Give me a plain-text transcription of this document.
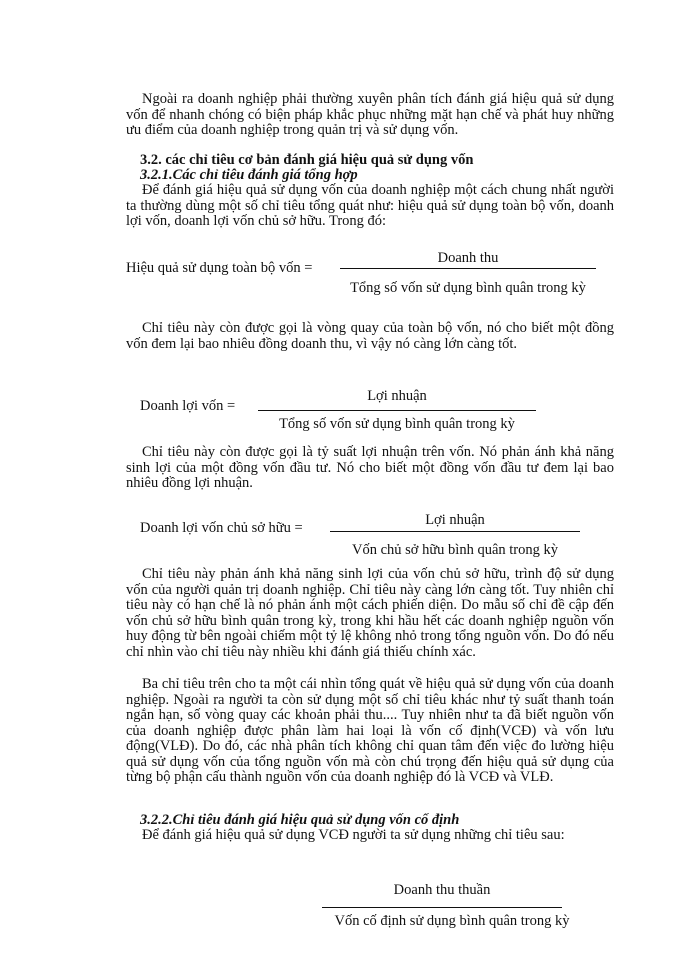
Ngoài ra doanh nghiệp phải thường xuyên phân tích đánh giá hiệu quả sử dụng vốn để nhanh chóng có biện pháp khắc phục những mặt hạn chế và phát huy những ưu điểm của doanh nghiệp trong quản trị và sử dụng vốn.

3.2. các chỉ tiêu cơ bản đánh giá hiệu quả sử dụng vốn
3.2.1.Các chỉ tiêu đánh giá tổng hợp

Để đánh giá hiệu quả sử dụng vốn của doanh nghiệp một cách chung nhất người ta thường dùng một số chỉ tiêu tổng quát như: hiệu quả sử dụng toàn bộ vốn, doanh lợi vốn, doanh lợi vốn chủ sở hữu. Trong đó:

Hiệu quả sử dụng toàn bộ vốn =
Doanh thu
Tổng số vốn sử dụng bình quân trong kỳ

Chỉ tiêu này còn được gọi là vòng quay của toàn bộ vốn, nó cho biết một đồng vốn đem lại bao nhiêu đồng doanh thu, vì vậy nó càng lớn càng tốt.

Doanh lợi vốn =
Lợi nhuận
Tổng số vốn sử dụng bình quân trong kỳ

Chỉ tiêu này còn được gọi là tỷ suất lợi nhuận trên vốn. Nó phản ánh khả năng sinh lợi của một đồng vốn đầu tư. Nó cho biết một đồng vốn đầu tư đem lại bao nhiêu đồng lợi nhuận.

Doanh lợi vốn chủ sở hữu =	Lợi nhuận
Vốn chủ sở hữu bình quân trong kỳ

Chỉ tiêu này phản ánh khả năng sinh lợi của vốn chủ sở hữu, trình độ sử dụng vốn của người quản trị doanh nghiệp. Chỉ tiêu này càng lớn càng tốt. Tuy nhiên chỉ tiêu này có hạn chế là nó phản ánh một cách phiến diện. Do mẫu số chỉ đề cập đến vốn chủ sở hữu bình quân trong kỳ, trong khi hầu hết các doanh nghiệp nguồn vốn huy động từ bên ngoài chiếm một tỷ lệ không nhỏ trong tổng nguồn vốn. Do đó nếu chỉ nhìn vào chỉ tiêu này nhiều khi đánh giá thiếu chính xác.

Ba chỉ tiêu trên cho ta một cái nhìn tổng quát về hiệu quả sử dụng vốn của doanh nghiệp. Ngoài ra người ta còn sử dụng một số chỉ tiêu khác như tỷ suất thanh toán ngắn hạn, số vòng quay các khoản phải thu.... Tuy nhiên như ta đã biết nguồn vốn của doanh nghiệp được phân làm hai loại là vốn cố định(VCĐ) và vốn lưu động(VLĐ). Do đó, các nhà phân tích không chỉ quan tâm đến việc đo lường hiệu quả sử dụng vốn của tổng nguồn vốn mà còn chú trọng đến hiệu quả sử dụng của từng bộ phận cấu thành nguồn vốn của doanh nghiệp đó là VCĐ và VLĐ.

3.2.2.Chỉ tiêu đánh giá hiệu quả sử dụng vốn cố định

Để đánh giá hiệu quả sử dụng VCĐ người ta sử dụng những chỉ tiêu sau:

Doanh thu thuần
Vốn cố định sử dụng bình quân trong kỳ
